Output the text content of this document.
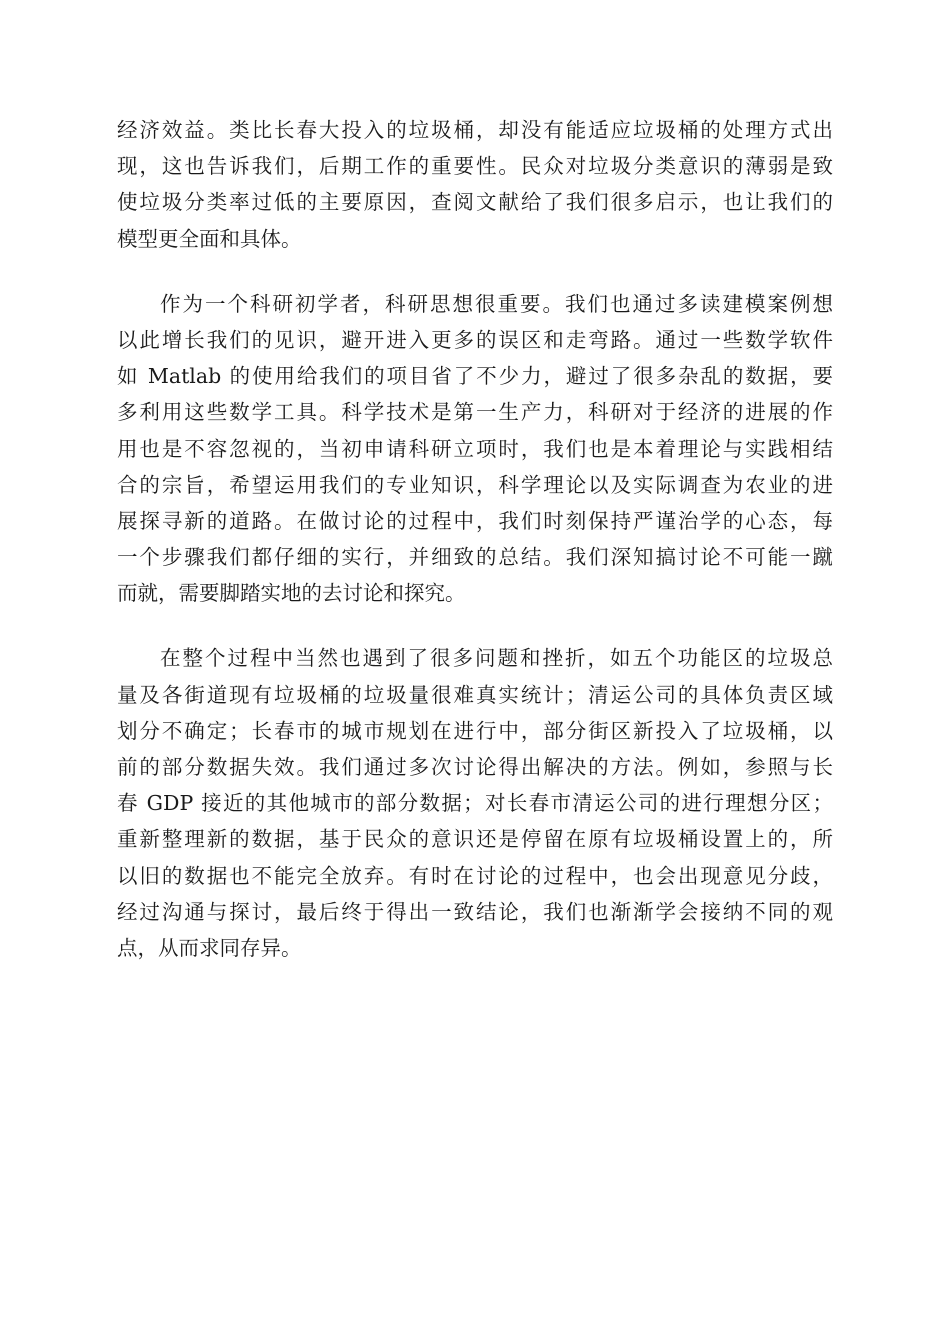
经济效益。类比长春大投入的垃圾桶，却没有能适应垃圾桶的处理方式出
现，这也告诉我们，后期工作的重要性。民众对垃圾分类意识的薄弱是致
使垃圾分类率过低的主要原因，查阅文献给了我们很多启示，也让我们的
模型更全面和具体。
作为一个科研初学者，科研思想很重要。我们也通过多读建模案例想
以此增长我们的见识，避开进入更多的误区和走弯路。通过一些数学软件
如 Matlab 的使用给我们的项目省了不少力，避过了很多杂乱的数据，要
多利用这些数学工具。科学技术是第一生产力，科研对于经济的进展的作
用也是不容忽视的，当初申请科研立项时，我们也是本着理论与实践相结
合的宗旨，希望运用我们的专业知识，科学理论以及实际调查为农业的进
展探寻新的道路。在做讨论的过程中，我们时刻保持严谨治学的心态，每
一个步骤我们都仔细的实行，并细致的总结。我们深知搞讨论不可能一蹴
而就，需要脚踏实地的去讨论和探究。
在整个过程中当然也遇到了很多问题和挫折，如五个功能区的垃圾总
量及各街道现有垃圾桶的垃圾量很难真实统计；清运公司的具体负责区域
划分不确定；长春市的城市规划在进行中，部分街区新投入了垃圾桶，以
前的部分数据失效。我们通过多次讨论得出解决的方法。例如，参照与长
春 GDP 接近的其他城市的部分数据；对长春市清运公司的进行理想分区；
重新整理新的数据，基于民众的意识还是停留在原有垃圾桶设置上的，所
以旧的数据也不能完全放弃。有时在讨论的过程中，也会出现意见分歧，
经过沟通与探讨，最后终于得出一致结论，我们也渐渐学会接纳不同的观
点，从而求同存异。
